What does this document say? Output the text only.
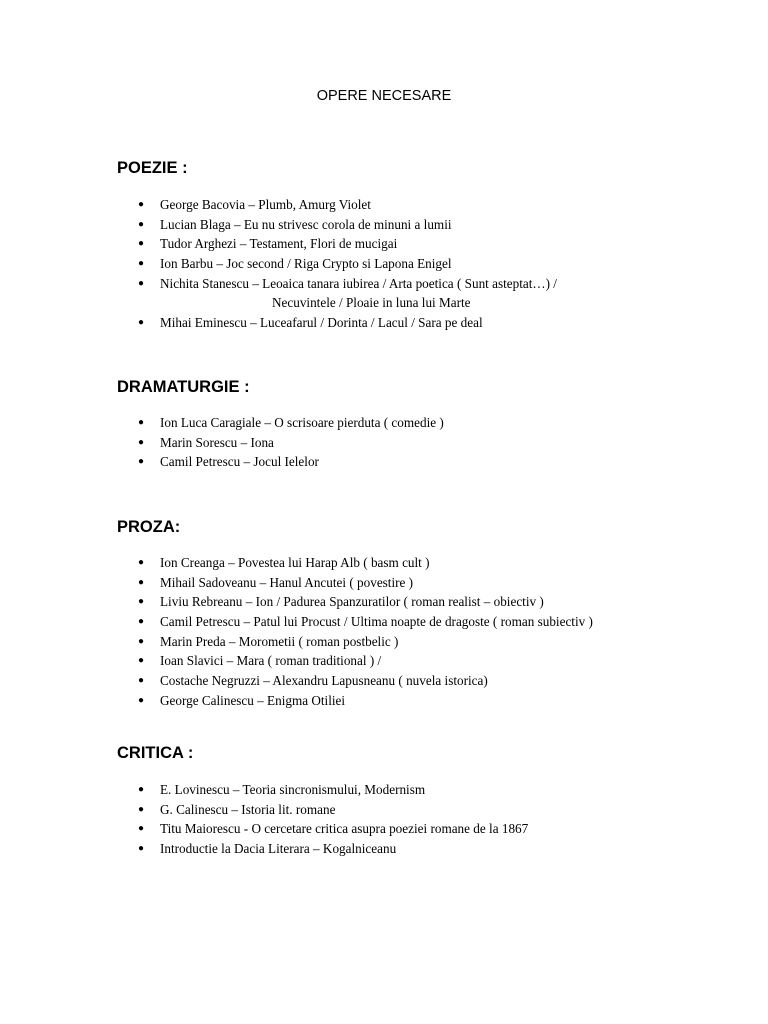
OPERE NECESARE
POEZIE :
● George Bacovia – Plumb, Amurg Violet
● Lucian Blaga – Eu nu strivesc corola de minuni a lumii
● Tudor Arghezi – Testament, Flori de mucigai
● Ion Barbu – Joc second / Riga Crypto si Lapona Enigel
● Nichita Stanescu – Leoaica tanara iubirea / Arta poetica ( Sunt asteptat…) /
Necuvintele / Ploaie in luna lui Marte
● Mihai Eminescu – Luceafarul / Dorinta / Lacul / Sara pe deal
DRAMATURGIE :
● Ion Luca Caragiale – O scrisoare pierduta ( comedie )
● Marin Sorescu – Iona
● Camil Petrescu – Jocul Ielelor
PROZA:
● Ion Creanga – Povestea lui Harap Alb ( basm cult )
● Mihail Sadoveanu – Hanul Ancutei ( povestire )
● Liviu Rebreanu – Ion / Padurea Spanzuratilor ( roman realist – obiectiv )
● Camil Petrescu – Patul lui Procust / Ultima noapte de dragoste ( roman subiectiv )
● Marin Preda – Morometii ( roman postbelic )
● Ioan Slavici – Mara ( roman traditional ) /
● Costache Negruzzi – Alexandru Lapusneanu ( nuvela istorica)
● George Calinescu – Enigma Otiliei
CRITICA :
● E. Lovinescu – Teoria sincronismului, Modernism
● G. Calinescu – Istoria lit. romane
● Titu Maiorescu - O cercetare critica asupra poeziei romane de la 1867
● Introductie la Dacia Literara – Kogalniceanu
